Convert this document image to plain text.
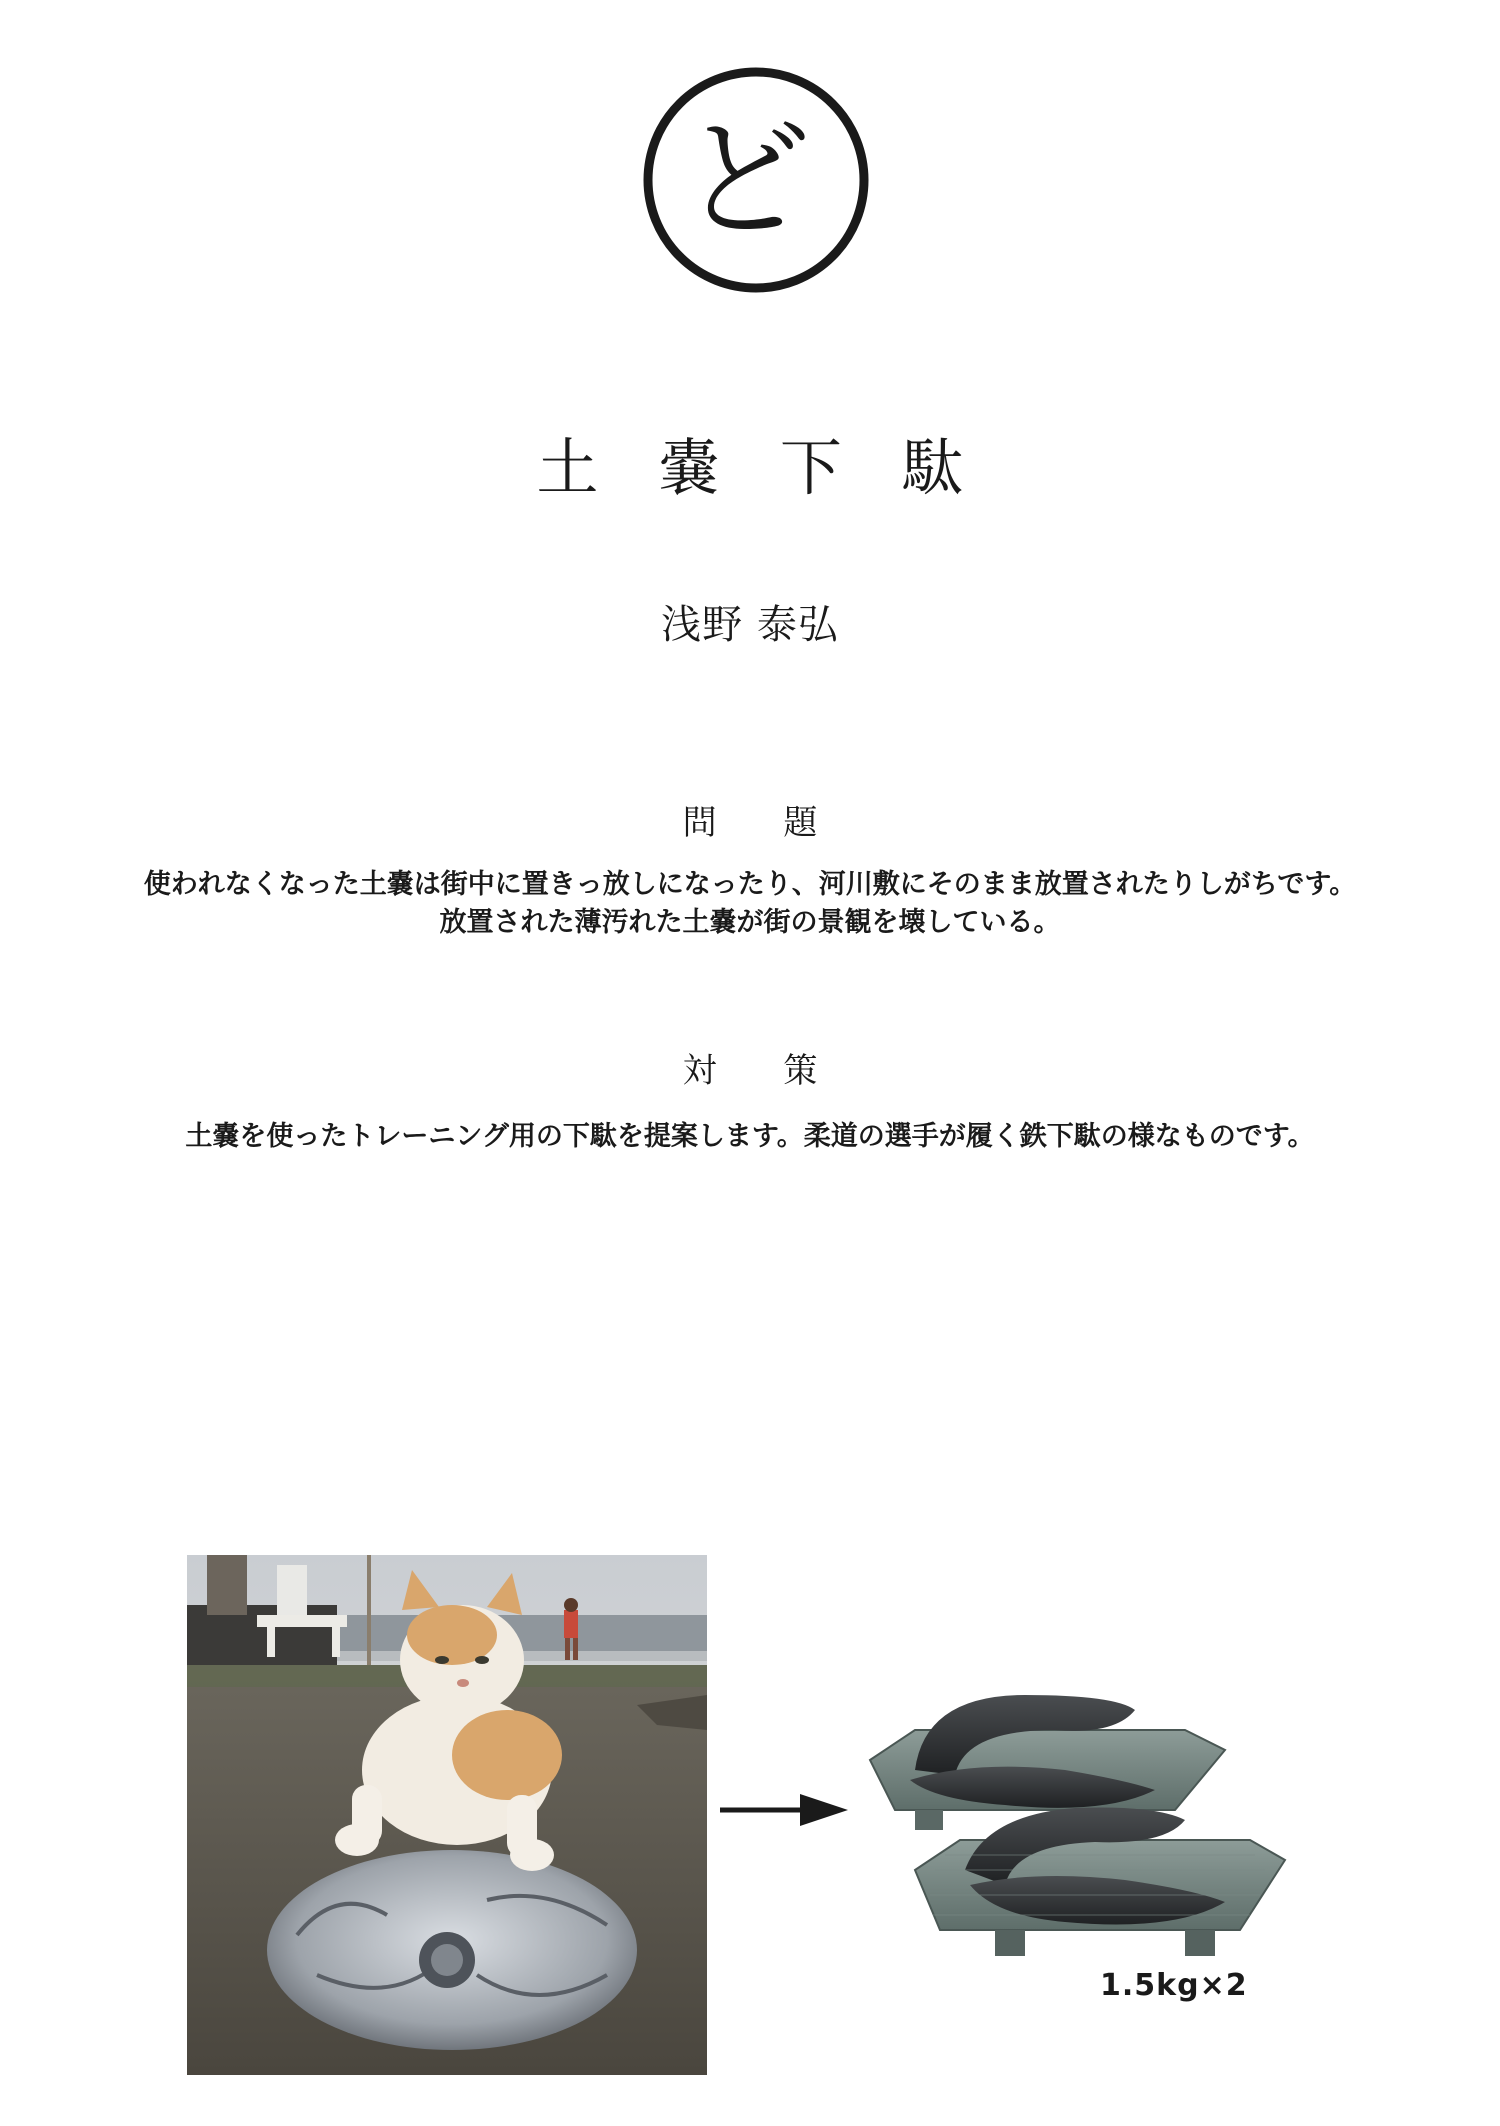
ど
土 嚢 下 駄
浅野 泰弘
問 題
使われなくなった土嚢は街中に置きっ放しになったり、河川敷にそのまま放置されたりしがちです。
放置された薄汚れた土嚢が街の景観を壊している。
対 策
土嚢を使ったトレーニング用の下駄を提案します。柔道の選手が履く鉄下駄の様なものです。
1.5kg×2
